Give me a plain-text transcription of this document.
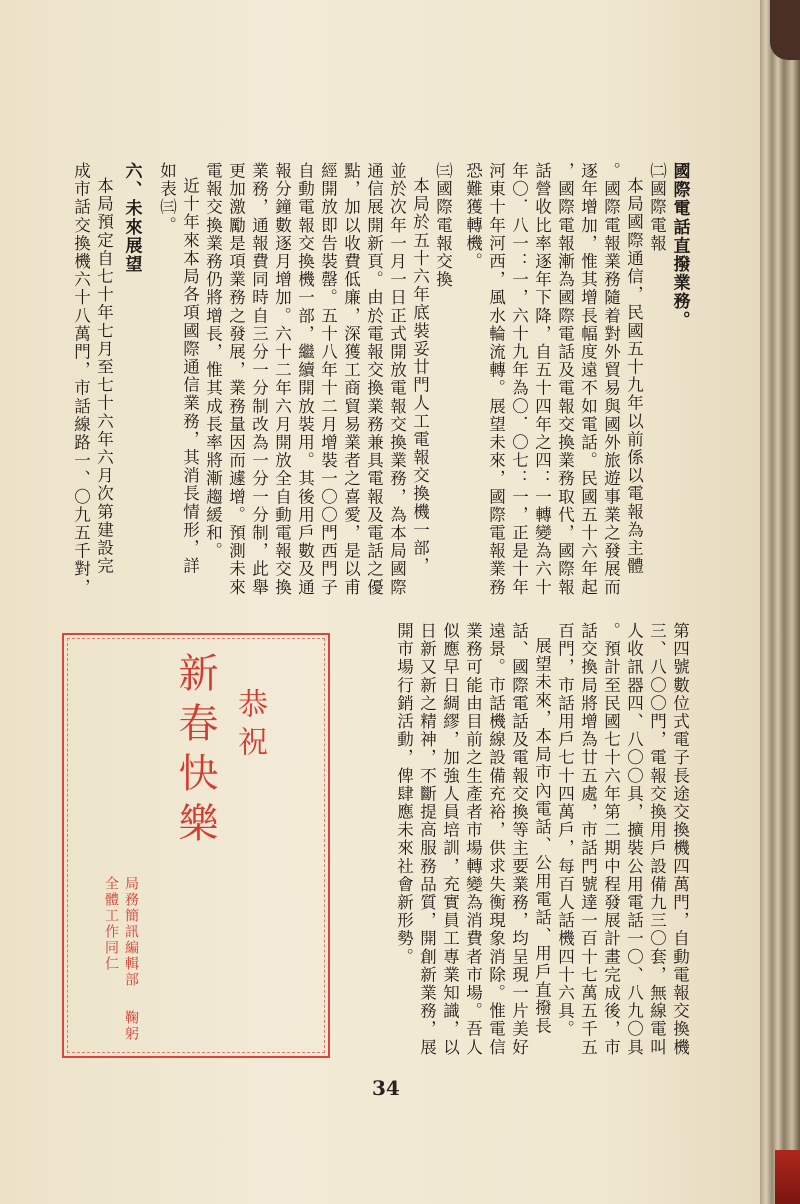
國際電話直撥業務。
㈡國際電報
本局國際通信，民國五十九年以前係以電報為主體
。國際電報業務隨着對外貿易與國外旅遊事業之發展而
逐年增加，惟其增長幅度遠不如電話。民國五十六年起
，國際電報漸為國際電話及電報交換業務取代，國際報
話營收比率逐年下降，自五十四年之四：一轉變為六十
年〇．八一：一，六十九年為〇．〇七：一，正是十年
河東十年河西，風水輪流轉。展望未來，國際電報業務
恐難獲轉機。
㈢國際電報交換
本局於五十六年底裝妥廿門人工電報交換機一部，
並於次年一月一日正式開放電報交換業務，為本局國際
通信展開新頁。由於電報交換業務兼具電報及電話之優
點，加以收費低廉，深獲工商貿易業者之喜愛，是以甫
經開放即告裝罄。五十八年十二月增裝一〇〇門西門子
自動電報交換機一部，繼續開放裝用。其後用戶數及通
報分鐘數逐月增加。六十二年六月開放全自動電報交換
業務，通報費同時自三分一分制改為一分一分制，此舉
更加激勵是項業務之發展，業務量因而遽增。預測未來
電報交換業務仍將增長，惟其成長率將漸趨緩和。
近十年來本局各項國際通信業務，其消長情形，詳
如表㈢。
六、未來展望
本局預定自七十年七月至七十六年六月次第建設完
成市話交換機六十八萬門，市話線路一、〇九五千對，
第四號數位式電子長途交換機四萬門，自動電報交換機
三、八〇〇門，電報交換用戶設備九三〇套，無線電叫
人收訊器四、八〇〇具，擴裝公用電話一〇、八九〇具
。預計至民國七十六年第二期中程發展計畫完成後，市
話交換局將增為廿五處，市話門號達一百十七萬五千五
百門，市話用戶七十四萬戶，每百人話機四十六具。
展望未來，本局市內電話、公用電話、用戶直撥長
話、國際電話及電報交換等主要業務，均呈現一片美好
遠景。市話機線設備充裕，供求失衡現象消除。惟電信
業務可能由目前之生產者市場轉變為消費者市場。吾人
似應早日綢繆，加強人員培訓，充實員工專業知識，以
日新又新之精神，不斷提高服務品質，開創新業務，展
開市場行銷活動，俾肆應未來社會新形勢。
恭祝
新春快樂
局務簡訊編輯部
全體工作同仁
鞠躬
34
